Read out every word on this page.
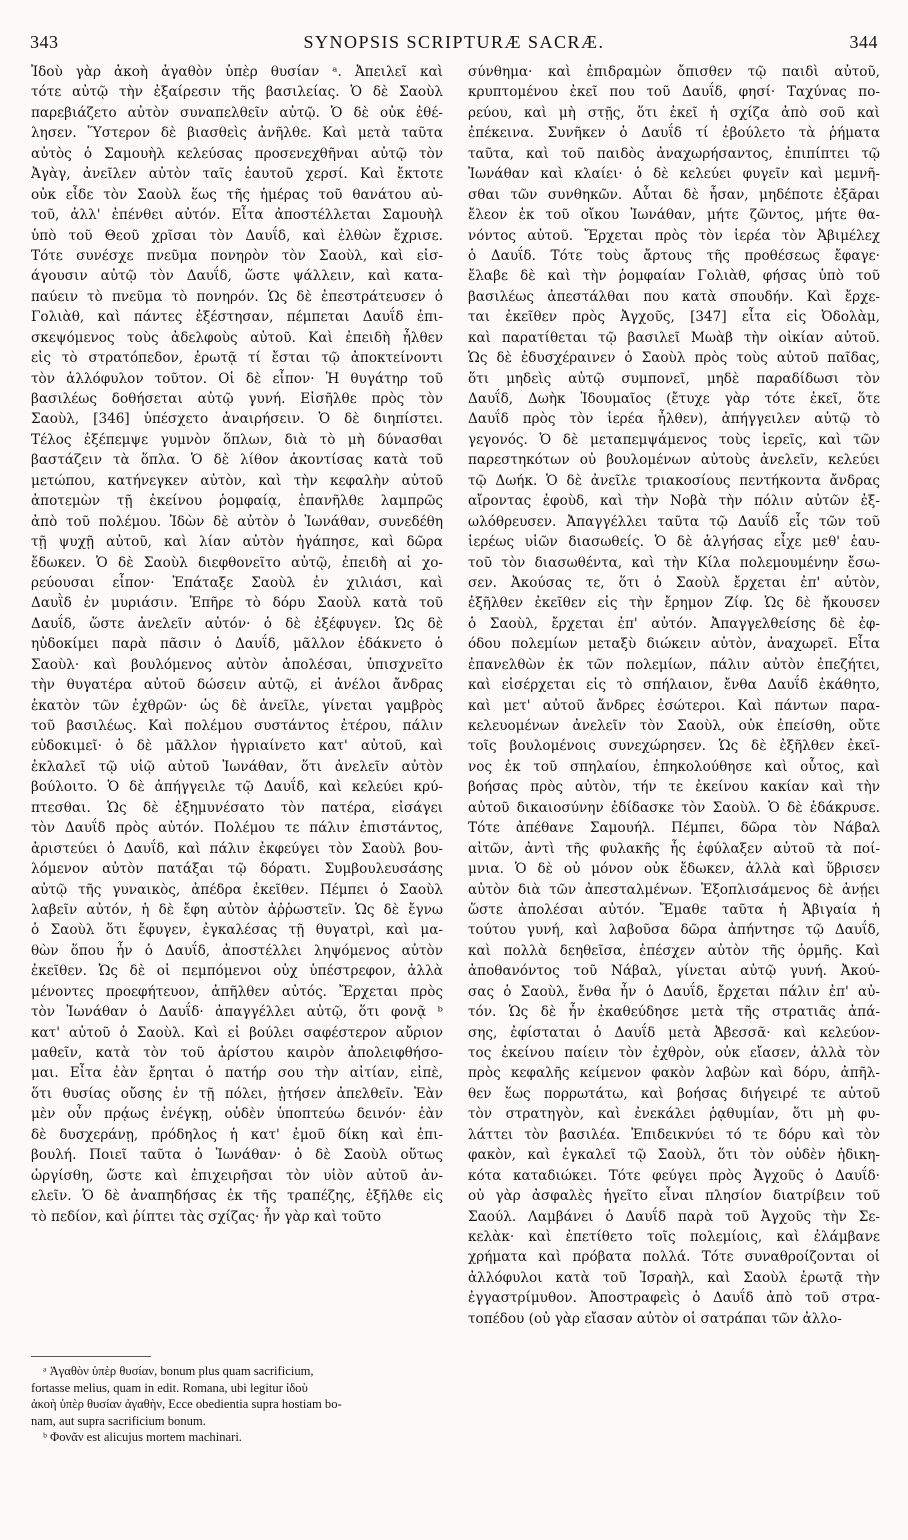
343	SYNOPSIS SCRIPTURÆ SACRÆ.	344
Ἰδοὺ γὰρ ἀκοὴ ἀγαθὸν ὑπὲρ θυσίαν ᵃ. Ἀπειλεῖ καὶ
τότε αὐτῷ τὴν ἐξαίρεσιν τῆς βασιλείας. Ὁ δὲ Σαοὺλ
παρεβιάζετο αὐτὸν συναπελθεῖν αὐτῷ. Ὁ δὲ οὐκ ἐθέ-
λησεν. Ὕστερον δὲ βιασθεὶς ἀνῆλθε. Καὶ μετὰ ταῦτα
αὐτὸς ὁ Σαμουὴλ κελεύσας προσενεχθῆναι αὐτῷ τὸν
Ἀγὰγ, ἀνεῖλεν αὐτὸν ταῖς ἑαυτοῦ χερσί. Καὶ ἔκτοτε
οὐκ εἶδε τὸν Σαοὺλ ἕως τῆς ἡμέρας τοῦ θανάτου αὐ-
τοῦ, ἀλλ' ἐπένθει αὐτόν. Εἶτα ἀποστέλλεται Σαμουὴλ
ὑπὸ τοῦ Θεοῦ χρῖσαι τὸν Δαυΐδ, καὶ ἐλθὼν ἔχρισε.
Τότε συνέσχε πνεῦμα πονηρὸν τὸν Σαοὺλ, καὶ εἰσ-
άγουσιν αὐτῷ τὸν Δαυΐδ, ὥστε ψάλλειν, καὶ κατα-
παύειν τὸ πνεῦμα τὸ πονηρόν. Ὡς δὲ ἐπεστράτευσεν ὁ
Γολιὰθ, καὶ πάντες ἐξέστησαν, πέμπεται Δαυΐδ ἐπι-
σκεψόμενος τοὺς ἀδελφοὺς αὐτοῦ. Καὶ ἐπειδὴ ἦλθεν
εἰς τὸ στρατόπεδον, ἐρωτᾷ τί ἔσται τῷ ἀποκτείνοντι
τὸν ἀλλόφυλον τοῦτον. Οἱ δὲ εἶπον· Ἡ θυγάτηρ τοῦ
βασιλέως δοθήσεται αὐτῷ γυνή. Εἰσῆλθε πρὸς τὸν
Σαοὺλ, [346] ὑπέσχετο ἀναιρήσειν. Ὁ δὲ διηπίστει.
Τέλος ἐξέπεμψε γυμνὸν ὅπλων, διὰ τὸ μὴ δύνασθαι
βαστάζειν τὰ ὅπλα. Ὁ δὲ λίθον ἀκοντίσας κατὰ τοῦ
μετώπου, κατήνεγκεν αὐτὸν, καὶ τὴν κεφαλὴν αὐτοῦ
ἀποτεμὼν τῇ ἐκείνου ῥομφαίᾳ, ἐπανῆλθε λαμπρῶς
ἀπὸ τοῦ πολέμου. Ἰδὼν δὲ αὐτὸν ὁ Ἰωνάθαν, συνεδέθη
τῇ ψυχῇ αὐτοῦ, καὶ λίαν αὐτὸν ἠγάπησε, καὶ δῶρα
ἔδωκεν. Ὁ δὲ Σαοὺλ διεφθονεῖτο αὐτῷ, ἐπειδὴ αἱ χο-
ρεύουσαι εἶπον· Ἐπάταξε Σαοὺλ ἐν χιλιάσι, καὶ
Δαυῒδ ἐν μυριάσιν. Ἐπῆρε τὸ δόρυ Σαοὺλ κατὰ τοῦ
Δαυΐδ, ὥστε ἀνελεῖν αὐτόν· ὁ δὲ ἐξέφυγεν. Ὡς δὲ
ηὐδοκίμει παρὰ πᾶσιν ὁ Δαυΐδ, μᾶλλον ἐδάκνετο ὁ
Σαοὺλ· καὶ βουλόμενος αὐτὸν ἀπολέσαι, ὑπισχνεῖτο
τὴν θυγατέρα αὐτοῦ δώσειν αὐτῷ, εἰ ἀνέλοι ἄνδρας
ἑκατὸν τῶν ἐχθρῶν· ὡς δὲ ἀνεῖλε, γίνεται γαμβρὸς
τοῦ βασιλέως. Καὶ πολέμου συστάντος ἐτέρου, πάλιν
εὐδοκιμεῖ· ὁ δὲ μᾶλλον ἠγριαίνετο κατ' αὐτοῦ, καὶ
ἐκλαλεῖ τῷ υἱῷ αὐτοῦ Ἰωνάθαν, ὅτι ἀνελεῖν αὐτὸν
βούλοιτο. Ὁ δὲ ἀπήγγειλε τῷ Δαυΐδ, καὶ κελεύει κρύ-
πτεσθαι. Ὡς δὲ ἐξημυνέσατο τὸν πατέρα, εἰσάγει
τὸν Δαυΐδ πρὸς αὐτόν. Πολέμου τε πάλιν ἐπιστάντος,
ἀριστεύει ὁ Δαυΐδ, καὶ πάλιν ἐκφεύγει τὸν Σαοὺλ βου-
λόμενον αὐτὸν πατάξαι τῷ δόρατι. Συμβουλευσάσης
αὐτῷ τῆς γυναικὸς, ἀπέδρα ἐκεῖθεν. Πέμπει ὁ Σαοὺλ
λαβεῖν αὐτόν, ἡ δὲ ἔφη αὐτὸν ἀῤῥωστεῖν. Ὡς δὲ ἔγνω
ὁ Σαοὺλ ὅτι ἔφυγεν, ἐγκαλέσας τῇ θυγατρὶ, καὶ μα-
θὼν ὅπου ἦν ὁ Δαυΐδ, ἀποστέλλει ληψόμενος αὐτὸν
ἐκεῖθεν. Ὡς δὲ οἱ πεμπόμενοι οὐχ ὑπέστρεφον, ἀλλὰ
μένοντες προεφήτευον, ἀπῆλθεν αὐτός. Ἔρχεται πρὸς
τὸν Ἰωνάθαν ὁ Δαυΐδ· ἀπαγγέλλει αὐτῷ, ὅτι φονᾷ ᵇ
κατ' αὐτοῦ ὁ Σαοὺλ. Καὶ εἰ βούλει σαφέστερον αὔριον
μαθεῖν, κατὰ τὸν τοῦ ἀρίστου καιρὸν ἀπολειφθήσο-
μαι. Εἶτα ἐὰν ἔρηται ὁ πατήρ σου τὴν αἰτίαν, εἰπὲ,
ὅτι θυσίας οὔσης ἐν τῇ πόλει, ᾐτήσεν ἀπελθεῖν. Ἐὰν
μὲν οὖν πρᾴως ἐνέγκῃ, οὐδὲν ὑποπτεύω δεινόν· ἐὰν
δὲ δυσχεράνῃ, πρόδηλος ἡ κατ' ἐμοῦ δίκη καὶ ἐπι-
βουλή. Ποιεῖ ταῦτα ὁ Ἰωνάθαν· ὁ δὲ Σαοὺλ οὕτως
ὠργίσθη, ὥστε καὶ ἐπιχειρῆσαι τὸν υἱὸν αὐτοῦ ἀν-
ελεῖν. Ὁ δὲ ἀναπηδήσας ἐκ τῆς τραπέζης, ἐξῆλθε εἰς
τὸ πεδίον, καὶ ῥίπτει τὰς σχίζας· ἦν γὰρ καὶ τοῦτο
σύνθημα· καὶ ἐπιδραμὼν ὄπισθεν τῷ παιδὶ αὐτοῦ,
κρυπτομένου ἐκεῖ που τοῦ Δαυΐδ, φησί· Ταχύνας πο-
ρεύου, καὶ μὴ στῇς, ὅτι ἐκεῖ ἡ σχίζα ἀπὸ σοῦ καὶ
ἐπέκεινα. Συνῆκεν ὁ Δαυΐδ τί ἐβούλετο τὰ ῥήματα
ταῦτα, καὶ τοῦ παιδὸς ἀναχωρήσαντος, ἐπιπίπτει τῷ
Ἰωνάθαν καὶ κλαίει· ὁ δὲ κελεύει φυγεῖν καὶ μεμνῆ-
σθαι τῶν συνθηκῶν. Αὗται δὲ ἦσαν, μηδέποτε ἐξᾶραι
ἔλεον ἐκ τοῦ οἴκου Ἰωνάθαν, μήτε ζῶντος, μήτε θα-
νόντος αὐτοῦ. Ἔρχεται πρὸς τὸν ἱερέα τὸν Ἀβιμέλεχ
ὁ Δαυΐδ. Τότε τοὺς ἄρτους τῆς προθέσεως ἔφαγε·
ἔλαβε δὲ καὶ τὴν ῥομφαίαν Γολιὰθ, φήσας ὑπὸ τοῦ
βασιλέως ἀπεστάλθαι που κατὰ σπουδήν. Καὶ ἔρχε-
ται ἐκεῖθεν πρὸς Ἀγχοῦς, [347] εἶτα εἰς Ὀδολὰμ,
καὶ παρατίθεται τῷ βασιλεῖ Μωὰβ τὴν οἰκίαν αὐτοῦ.
Ὡς δὲ ἐδυσχέραινεν ὁ Σαοὺλ πρὸς τοὺς αὐτοῦ παῖδας,
ὅτι μηδεὶς αὐτῷ συμπονεῖ, μηδὲ παραδίδωσι τὸν
Δαυΐδ, Δωὴκ Ἰδουμαῖος (ἔτυχε γὰρ τότε ἐκεῖ, ὅτε
Δαυΐδ πρὸς τὸν ἱερέα ἦλθεν), ἀπήγγειλεν αὐτῷ τὸ
γεγονός. Ὁ δὲ μεταπεμψάμενος τοὺς ἱερεῖς, καὶ τῶν
παρεστηκότων οὐ βουλομένων αὐτοὺς ἀνελεῖν, κελεύει
τῷ Δωήκ. Ὁ δὲ ἀνεῖλε τριακοσίους πεντήκοντα ἄνδρας
αἴροντας ἐφοὺδ, καὶ τὴν Νοβὰ τὴν πόλιν αὐτῶν ἐξ-
ωλόθρευσεν. Ἀπαγγέλλει ταῦτα τῷ Δαυΐδ εἷς τῶν τοῦ
ἱερέως υἱῶν διασωθείς. Ὁ δὲ ἀλγήσας εἶχε μεθ' ἑαυ-
τοῦ τὸν διασωθέντα, καὶ τὴν Κίλα πολεμουμένην ἔσω-
σεν. Ἀκούσας τε, ὅτι ὁ Σαοὺλ ἔρχεται ἐπ' αὐτὸν,
ἐξῆλθεν ἐκεῖθεν εἰς τὴν ἔρημον Ζίφ. Ὡς δὲ ἤκουσεν
ὁ Σαοὺλ, ἔρχεται ἐπ' αὐτόν. Ἀπαγγελθείσης δὲ ἐφ-
όδου πολεμίων μεταξὺ διώκειν αὐτὸν, ἀναχωρεῖ. Εἶτα
ἐπανελθὼν ἐκ τῶν πολεμίων, πάλιν αὐτὸν ἐπεζήτει,
καὶ εἰσέρχεται εἰς τὸ σπήλαιον, ἔνθα Δαυΐδ ἐκάθητο,
καὶ μετ' αὐτοῦ ἄνδρες ἐσώτεροι. Καὶ πάντων παρα-
κελευομένων ἀνελεῖν τὸν Σαοὺλ, οὐκ ἐπείσθη, οὔτε
τοῖς βουλομένοις συνεχώρησεν. Ὡς δὲ ἐξῆλθεν ἐκεῖ-
νος ἐκ τοῦ σπηλαίου, ἐπηκολούθησε καὶ οὗτος, καὶ
βοήσας πρὸς αὐτὸν, τήν τε ἐκείνου κακίαν καὶ τὴν
αὐτοῦ δικαιοσύνην ἐδίδασκε τὸν Σαοὺλ. Ὁ δὲ ἐδάκρυσε.
Τότε ἀπέθανε Σαμουήλ. Πέμπει, δῶρα τὸν Νάβαλ
αἰτῶν, ἀντὶ τῆς φυλακῆς ἧς ἐφύλαξεν αὐτοῦ τὰ ποί-
μνια. Ὁ δὲ οὐ μόνον οὐκ ἔδωκεν, ἀλλὰ καὶ ὕβρισεν
αὐτὸν διὰ τῶν ἀπεσταλμένων. Ἐξοπλισάμενος δὲ ἀνῄει
ὥστε ἀπολέσαι αὐτόν. Ἔμαθε ταῦτα ἡ Ἀβιγαία ἡ
τούτου γυνή, καὶ λαβοῦσα δῶρα ἀπήντησε τῷ Δαυΐδ,
καὶ πολλὰ δεηθεῖσα, ἐπέσχεν αὐτὸν τῆς ὁρμῆς. Καὶ
ἀποθανόντος τοῦ Νάβαλ, γίνεται αὐτῷ γυνή. Ἀκού-
σας ὁ Σαοὺλ, ἔνθα ἦν ὁ Δαυΐδ, ἔρχεται πάλιν ἐπ' αὐ-
τόν. Ὡς δὲ ἦν ἐκαθεύδησε μετὰ τῆς στρατιᾶς ἀπά-
σης, ἐφίσταται ὁ Δαυΐδ μετὰ Ἀβεσσᾶ· καὶ κελεύον-
τος ἐκείνου παίειν τὸν ἐχθρὸν, οὐκ εἴασεν, ἀλλὰ τὸν
πρὸς κεφαλῆς κείμενον φακὸν λαβὼν καὶ δόρυ, ἀπῆλ-
θεν ἕως πορρωτάτω, καὶ βοήσας διήγειρέ τε αὐτοῦ
τὸν στρατηγὸν, καὶ ἐνεκάλει ῥᾳθυμίαν, ὅτι μὴ φυ-
λάττει τὸν βασιλέα. Ἐπιδεικνύει τό τε δόρυ καὶ τὸν
φακὸν, καὶ ἐγκαλεῖ τῷ Σαοὺλ, ὅτι τὸν οὐδὲν ἠδικη-
κότα καταδιώκει. Τότε φεύγει πρὸς Ἀγχοῦς ὁ Δαυΐδ·
οὐ γὰρ ἀσφαλὲς ἡγεῖτο εἶναι πλησίον διατρίβειν τοῦ
Σαούλ. Λαμβάνει ὁ Δαυΐδ παρὰ τοῦ Ἀγχοῦς τὴν Σε-
κελὰκ· καὶ ἐπετίθετο τοῖς πολεμίοις, καὶ ἐλάμβανε
χρήματα καὶ πρόβατα πολλά. Τότε συναθροίζονται οἱ
ἀλλόφυλοι κατὰ τοῦ Ἰσραὴλ, καὶ Σαοὺλ ἐρωτᾷ τὴν
ἐγγαστρίμυθον. Ἀποστραφεὶς ὁ Δαυΐδ ἀπὸ τοῦ στρα-
τοπέδου (οὐ γὰρ εἴασαν αὐτὸν οἱ σατράπαι τῶν ἀλλο-
ᵃ Ἀγαθὸν ὑπὲρ θυσίαν, bonum plus quam sacrificium,
fortasse melius, quam in edit. Romana, ubi legitur ἰδοὺ
ἀκοὴ ὑπὲρ θυσίαν ἀγαθὴν, Ecce obedientia supra hostiam bo-
nam, aut supra sacrificium bonum.
ᵇ Φονᾶν est alicujus mortem machinari.
